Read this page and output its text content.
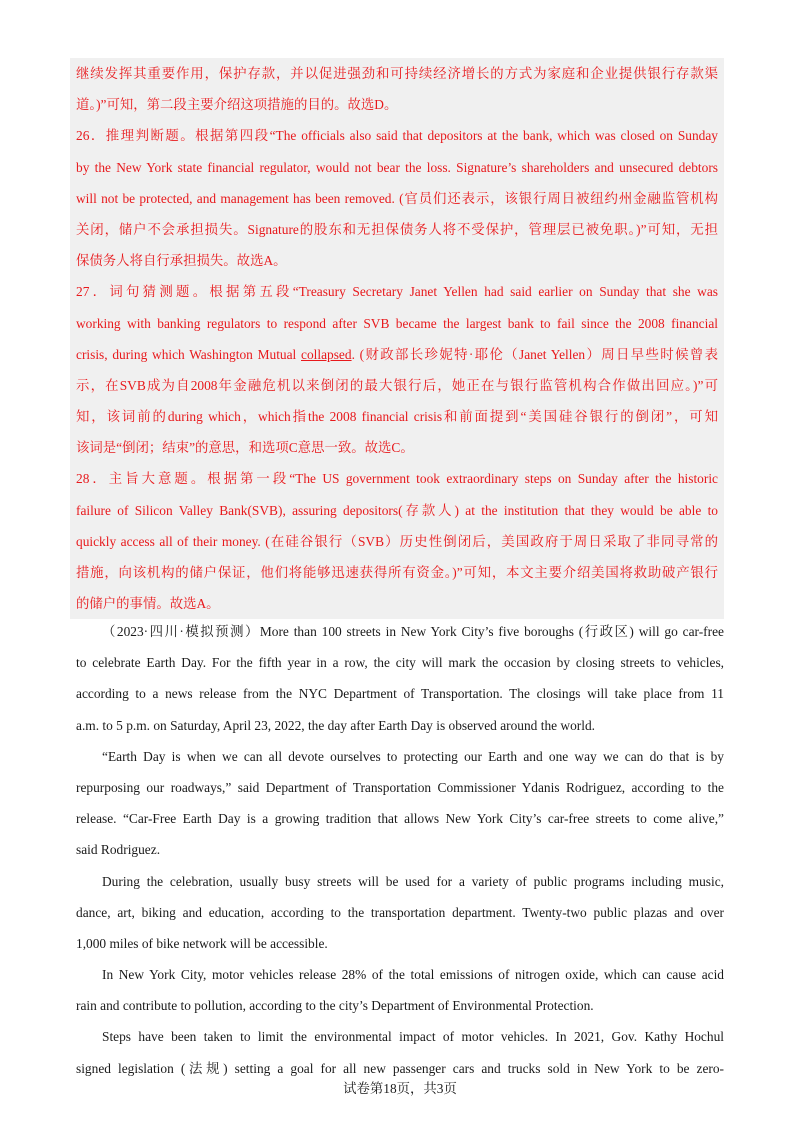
继续发挥其重要作用，保护存款，并以促进强劲和可持续经济增长的方式为家庭和企业提供银行存款渠
道。)”可知，第二段主要介绍这项措施的目的。故选D。
26．推理判断题。根据第四段“The officials also said that depositors at the bank, which was closed on Sunday
by the New York state financial regulator, would not bear the loss. Signature’s shareholders and unsecured debtors
will not be protected, and management has been removed. (官员们还表示，该银行周日被纽约州金融监管机构
关闭，储户不会承担损失。Signature的股东和无担保债务人将不受保护，管理层已被免职。)”可知，无担
保债务人将自行承担损失。故选A。
27．词句猜测题。根据第五段“Treasury Secretary Janet Yellen had said earlier on Sunday that she was
working with banking regulators to respond after SVB became the largest bank to fail since the 2008 financial
crisis, during which Washington Mutual collapsed. (财政部长珍妮特·耶伦（Janet Yellen）周日早些时候曾表
示，在SVB成为自2008年金融危机以来倒闭的最大银行后，她正在与银行监管机构合作做出回应。)”可
知，该词前的during which，which指the 2008 financial crisis和前面提到“美国硅谷银行的倒闭”，可知
该词是“倒闭；结束”的意思，和选项C意思一致。故选C。
28．主旨大意题。根据第一段“The US government took extraordinary steps on Sunday after the historic
failure of Silicon Valley Bank(SVB), assuring depositors(存款人) at the institution that they would be able to
quickly access all of their money. (在硅谷银行（SVB）历史性倒闭后，美国政府于周日采取了非同寻常的
措施，向该机构的储户保证，他们将能够迅速获得所有资金。)”可知，本文主要介绍美国将救助破产银行
的储户的事情。故选A。
（2023·四川·模拟预测）More than 100 streets in New York City’s five boroughs (行政区) will go car-free
to celebrate Earth Day. For the fifth year in a row, the city will mark the occasion by closing streets to vehicles,
according to a news release from the NYC Department of Transportation. The closings will take place from 11
a.m. to 5 p.m. on Saturday, April 23, 2022, the day after Earth Day is observed around the world.
“Earth Day is when we can all devote ourselves to protecting our Earth and one way we can do that is by
repurposing our roadways,” said Department of Transportation Commissioner Ydanis Rodriguez, according to the
release. “Car-Free Earth Day is a growing tradition that allows New York City’s car-free streets to come alive,”
said Rodriguez.
During the celebration, usually busy streets will be used for a variety of public programs including music,
dance, art, biking and education, according to the transportation department. Twenty-two public plazas and over
1,000 miles of bike network will be accessible.
In New York City, motor vehicles release 28% of the total emissions of nitrogen oxide, which can cause acid
rain and contribute to pollution, according to the city’s Department of Environmental Protection.
Steps have been taken to limit the environmental impact of motor vehicles. In 2021, Gov. Kathy Hochul
signed legislation (法规) setting a goal for all new passenger cars and trucks sold in New York to be zero-
试卷第18页，共3页
